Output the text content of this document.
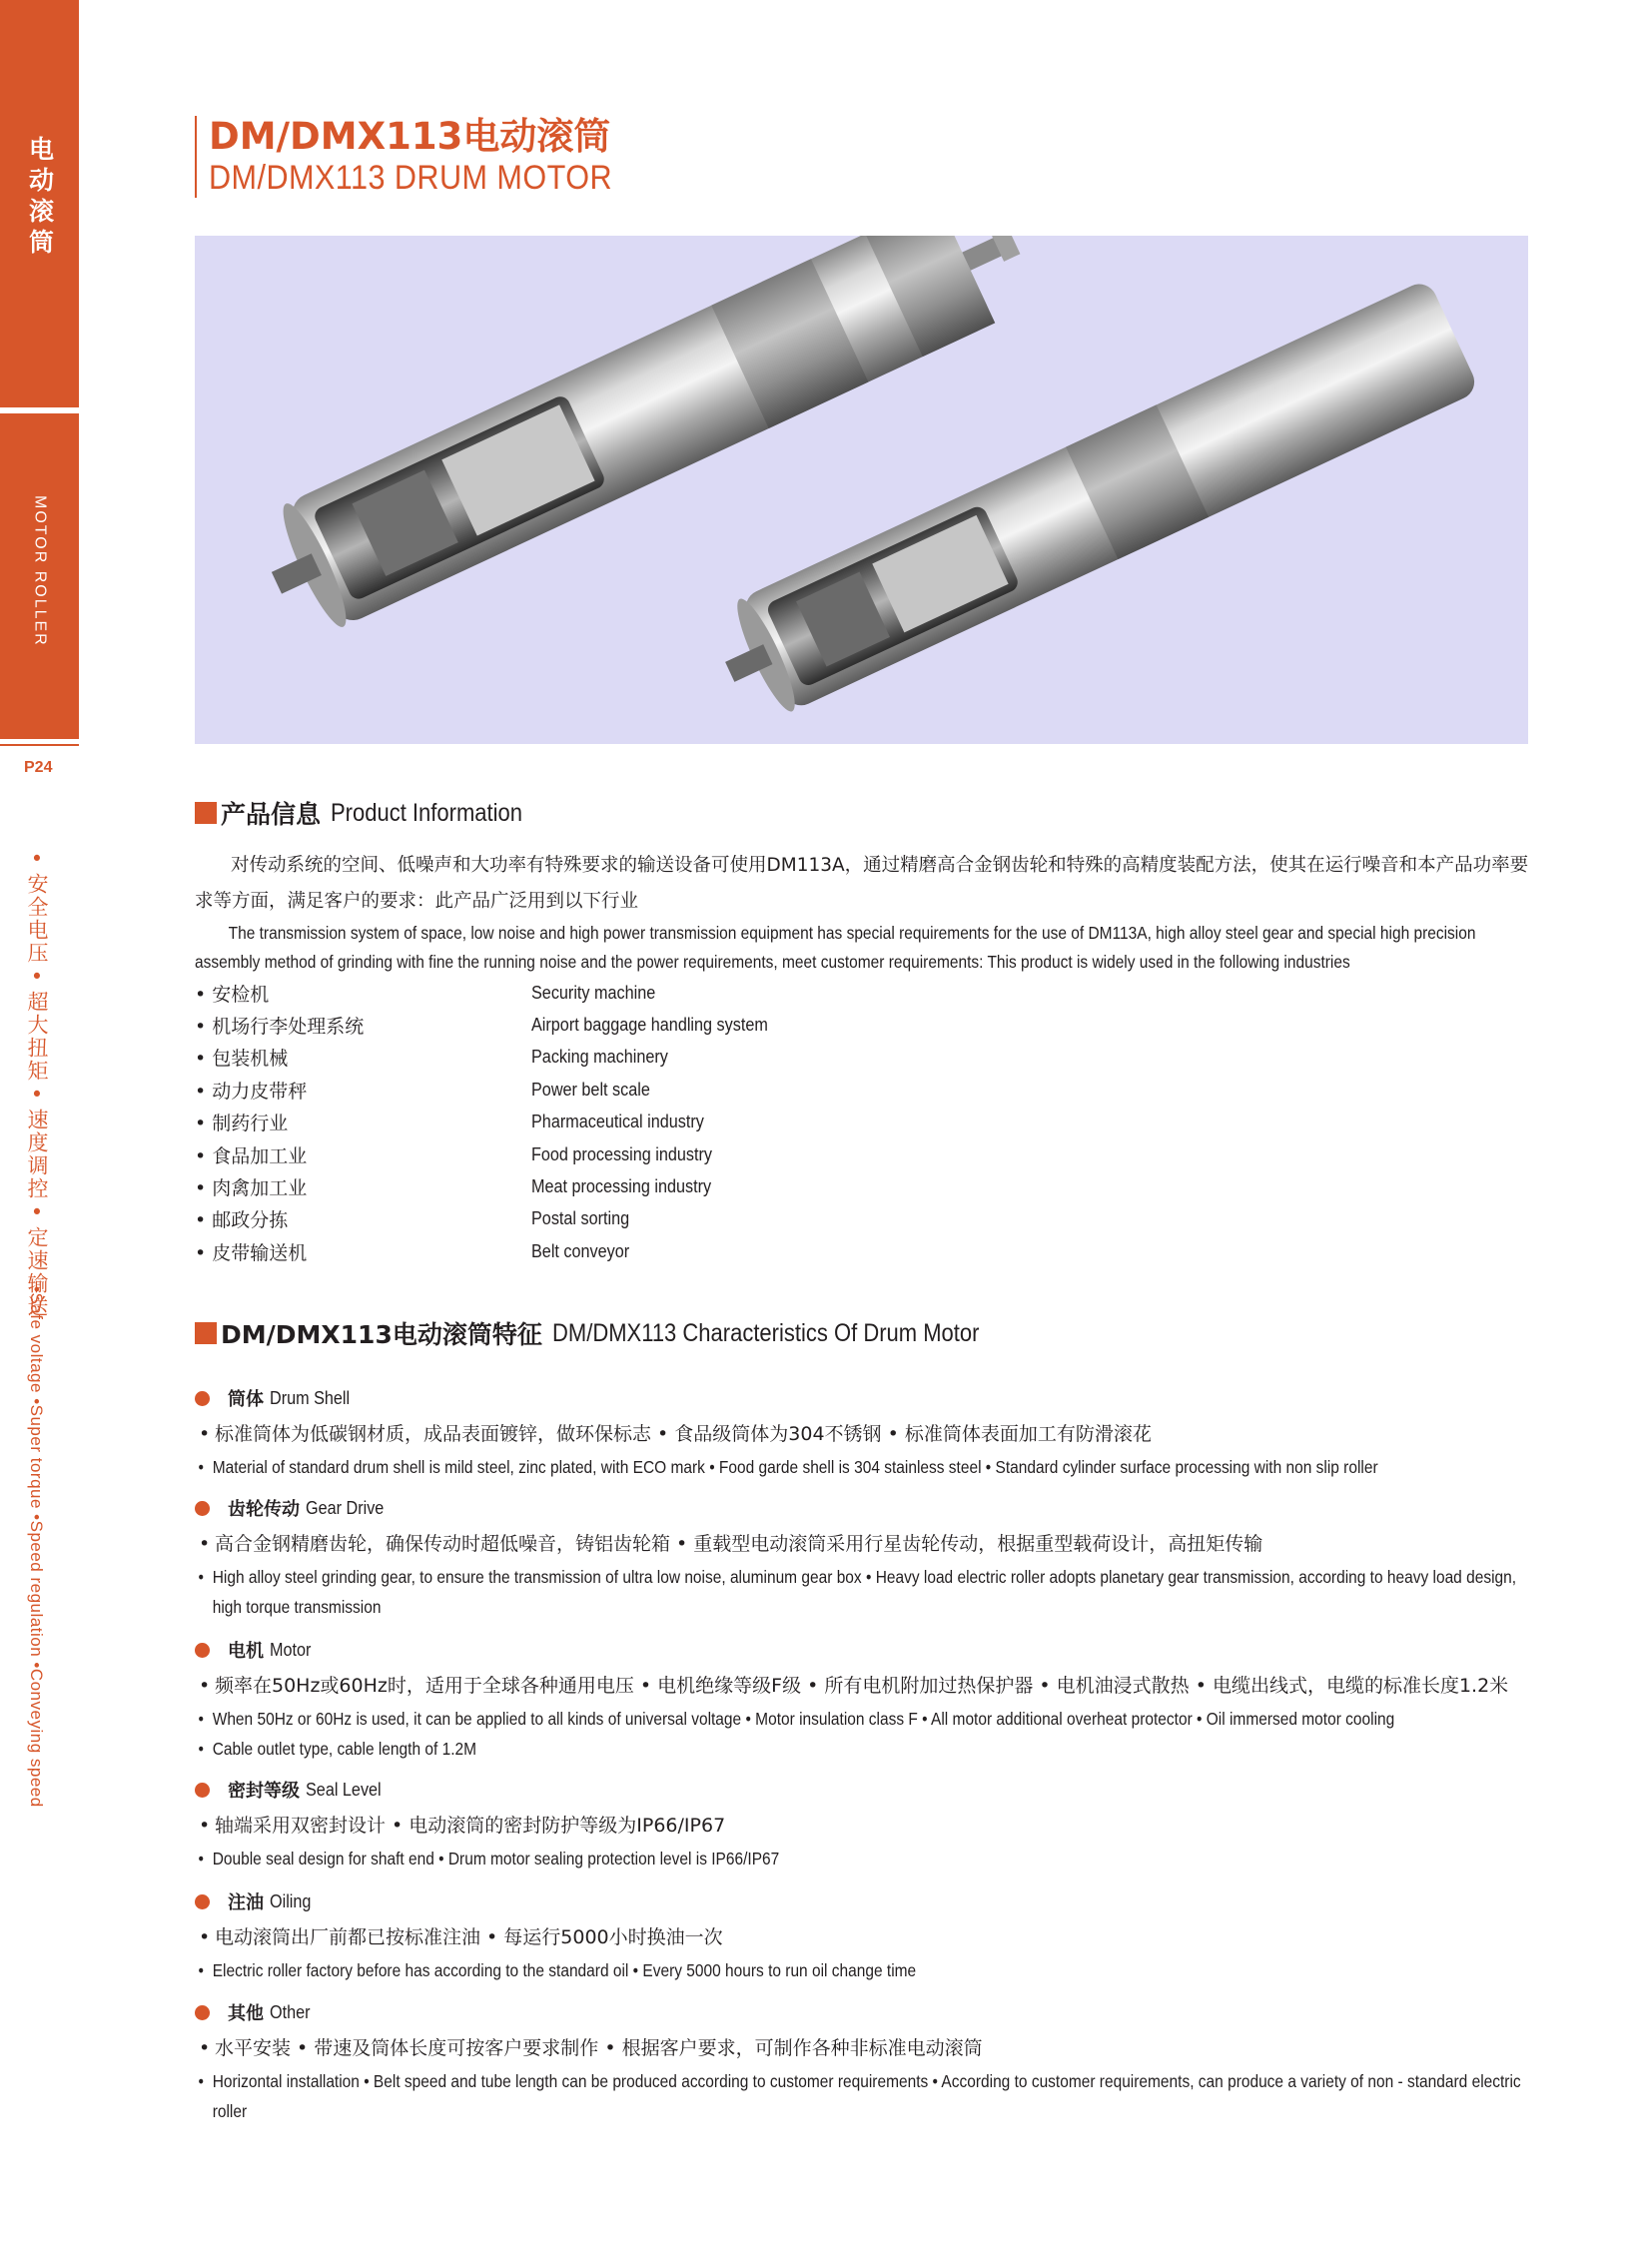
电动滚筒
MOTOR ROLLER
P24
•安全电压•超大扭矩•速度调控•定速输送
•Safe voltage •Super torque •Speed regulation •Conveying speed
DM/DMX113电动滚筒
DM/DMX113 DRUM MOTOR
产品信息 Product Information
对传动系统的空间、低噪声和大功率有特殊要求的输送设备可使用DM113A，通过精磨高合金钢齿轮和特殊的高精度装配方法，使其在运行噪音和本产品功率要求等方面，满足客户的要求：此产品广泛用到以下行业
The transmission system of space, low noise and high power transmission equipment has special requirements for the use of DM113A, high alloy steel gear and special high precision assembly method of grinding with fine the running noise and the power requirements, meet customer requirements: This product is widely used in the following industries
• 安检机	Security machine
• 机场行李处理系统	Airport baggage handling system
• 包装机械	Packing machinery
• 动力皮带秤	Power belt scale
• 制药行业	Pharmaceutical industry
• 食品加工业	Food processing industry
• 肉禽加工业	Meat processing industry
• 邮政分拣	Postal sorting
• 皮带输送机	Belt conveyor
DM/DMX113电动滚筒特征 DM/DMX113 Characteristics Of Drum Motor
筒体 Drum Shell
• 标准筒体为低碳钢材质，成品表面镀锌，做环保标志 • 食品级筒体为304不锈钢 • 标准筒体表面加工有防滑滚花
• Material of standard drum shell is mild steel, zinc plated, with ECO mark • Food garde shell is 304 stainless steel • Standard cylinder surface processing with non slip roller
齿轮传动 Gear Drive
• 高合金钢精磨齿轮，确保传动时超低噪音，铸铝齿轮箱 • 重载型电动滚筒采用行星齿轮传动，根据重型载荷设计，高扭矩传输
• High alloy steel grinding gear, to ensure the transmission of ultra low noise, aluminum gear box • Heavy load electric roller adopts planetary gear transmission, according to heavy load design, high torque transmission
电机 Motor
• 频率在50Hz或60Hz时，适用于全球各种通用电压 • 电机绝缘等级F级 • 所有电机附加过热保护器 • 电机油浸式散热 • 电缆出线式，电缆的标准长度1.2米
• When 50Hz or 60Hz is used, it can be applied to all kinds of universal voltage • Motor insulation class F • All motor additional overheat protector • Oil immersed motor cooling
• Cable outlet type, cable length of 1.2M
密封等级 Seal Level
• 轴端采用双密封设计 • 电动滚筒的密封防护等级为IP66/IP67
• Double seal design for shaft end • Drum motor sealing protection level is IP66/IP67
注油 Oiling
• 电动滚筒出厂前都已按标准注油 • 每运行5000小时换油一次
• Electric roller factory before has according to the standard oil • Every 5000 hours to run oil change time
其他 Other
• 水平安装 • 带速及筒体长度可按客户要求制作 • 根据客户要求，可制作各种非标准电动滚筒
• Horizontal installation • Belt speed and tube length can be produced according to customer requirements • According to customer requirements, can produce a variety of non - standard electric roller
